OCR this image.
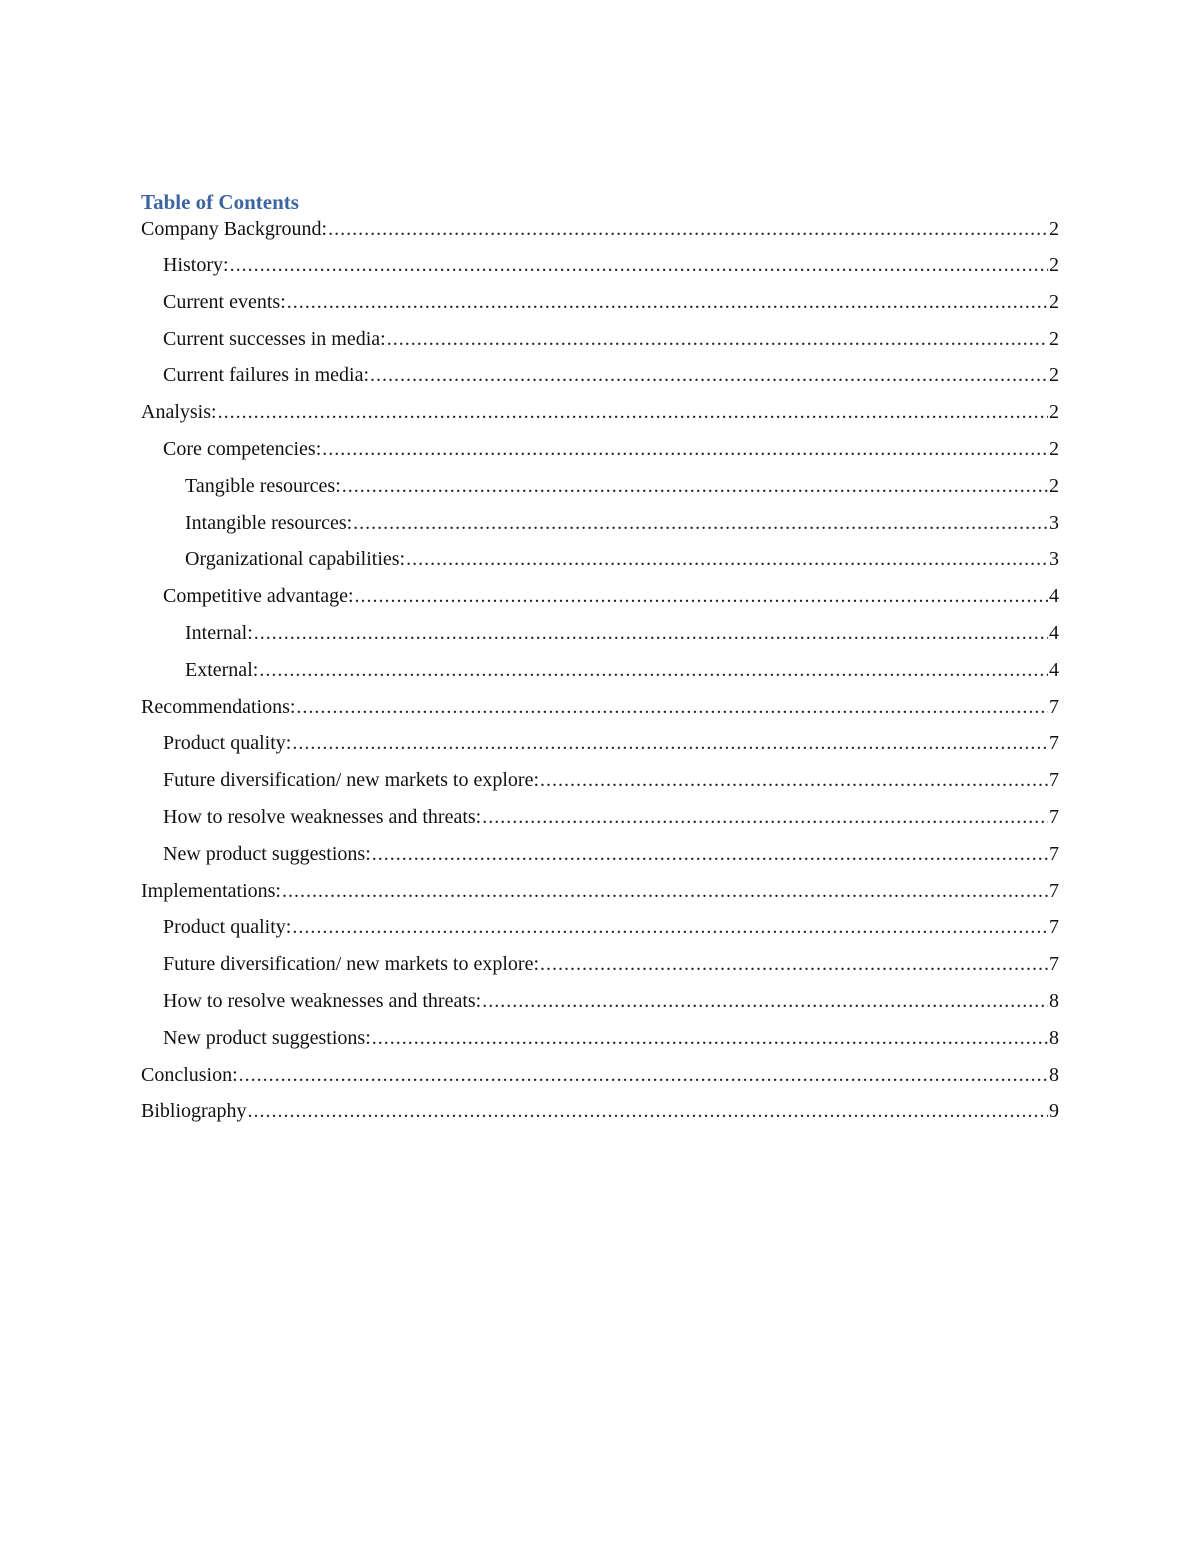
Table of Contents
Company Background: .....	2
History: .....	2
Current events: .....	2
Current successes in media: .....	2
Current failures in media: .....	2
Analysis: .....	2
Core competencies: .....	2
Tangible resources: .....	2
Intangible resources: .....	3
Organizational capabilities: .....	3
Competitive advantage: .....	4
Internal: .....	4
External: .....	4
Recommendations: .....	7
Product quality: .....	7
Future diversification/ new markets to explore: .....	7
How to resolve weaknesses and threats: .....	7
New product suggestions: .....	7
Implementations: .....	7
Product quality: .....	7
Future diversification/ new markets to explore: .....	7
How to resolve weaknesses and threats: .....	8
New product suggestions: .....	8
Conclusion: .....	8
Bibliography .....	9
